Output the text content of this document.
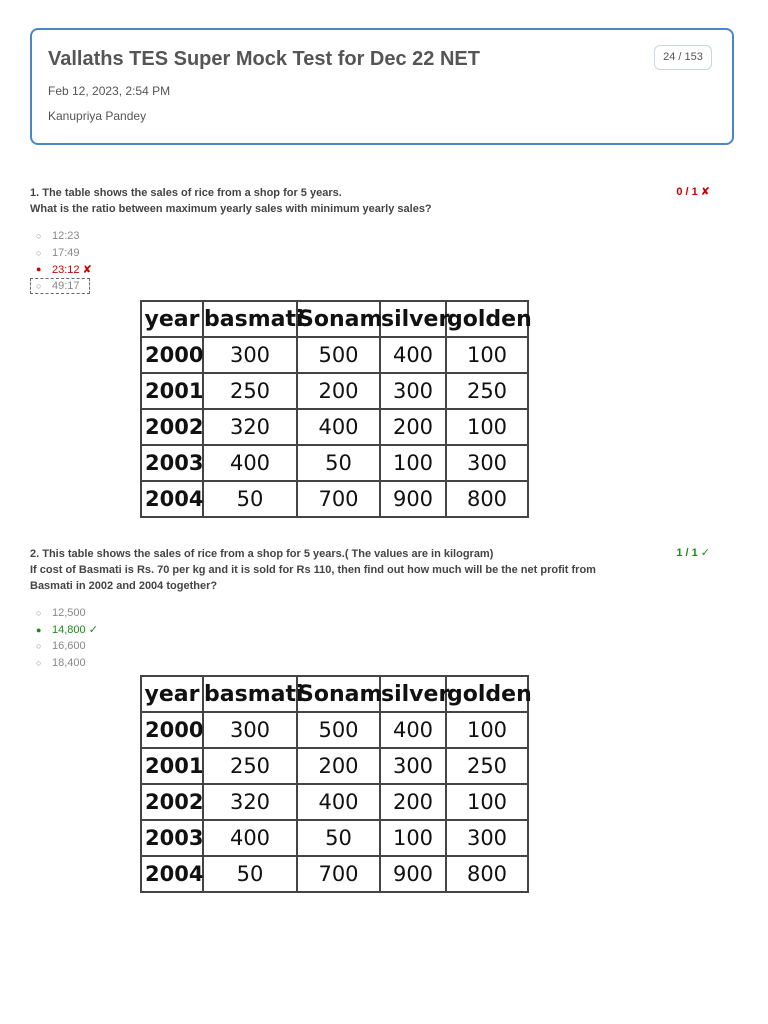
Vallaths TES Super Mock Test for Dec 22 NET
Feb 12, 2023, 2:54 PM
Kanupriya Pandey
24 / 153
1. The table shows the sales of rice from a shop for 5 years.
What is the ratio between maximum yearly sales with minimum yearly sales?
0 / 1 ✘
○ 12:23
○ 17:49
● 23:12 ✘
○ 49:17
year	basmati	Sonam	silver	golden
2000	300	500	400	100
2001	250	200	300	250
2002	320	400	200	100
2003	400	50	100	300
2004	50	700	900	800
2. This table shows the sales of rice from a shop for 5 years.( The values are in kilogram)
If cost of Basmati is Rs. 70 per kg and it is sold for Rs 110, then find out how much will be the net profit from
Basmati in 2002 and 2004 together?
1 / 1 ✓
○ 12,500
● 14,800 ✓
○ 16,600
○ 18,400
year	basmati	Sonam	silver	golden
2000	300	500	400	100
2001	250	200	300	250
2002	320	400	200	100
2003	400	50	100	300
2004	50	700	900	800
